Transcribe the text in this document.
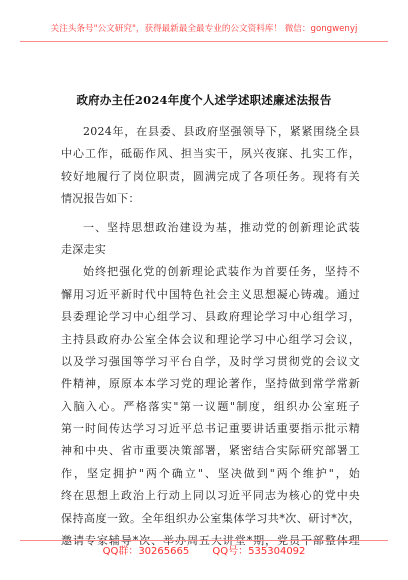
关注头条号"公文研究"，获得最新最全最专业的公文资料库！ 微信：gongwenyj
政府办主任2024年度个人述学述职述廉述法报告
2024年，在县委、县政府坚强领导下，紧紧围绕全县
中心工作，砥砺作风、担当实干，夙兴夜寐、扎实工作，
较好地履行了岗位职责，圆满完成了各项任务。现将有关
情况报告如下：
一、坚持思想政治建设为基，推动党的创新理论武装
走深走实
始终把强化党的创新理论武装作为首要任务，坚持不
懈用习近平新时代中国特色社会主义思想凝心铸魂。通过
县委理论学习中心组学习、县政府理论学习中心组学习，
主持县政府办公室全体会议和理论学习中心组学习会议，
以及学习强国等学习平台自学，及时学习贯彻党的会议文
件精神，原原本本学习党的理论著作，坚持做到常学常新
入脑入心。严格落实"第一议题"制度，组织办公室班子
第一时间传达学习习近平总书记重要讲话重要指示批示精
神和中央、省市重要决策部署，紧密结合实际研究部署工
作，坚定拥护"两个确立"、坚决做到"两个维护"，始
终在思想上政治上行动上同以习近平同志为核心的党中央
保持高度一致。全年组织办公室集体学习共*次、研讨*次，
邀请专家辅导*次、举办周五大讲堂*期，党员干部整体理
QQ群：30265665 QQ号：535304092
